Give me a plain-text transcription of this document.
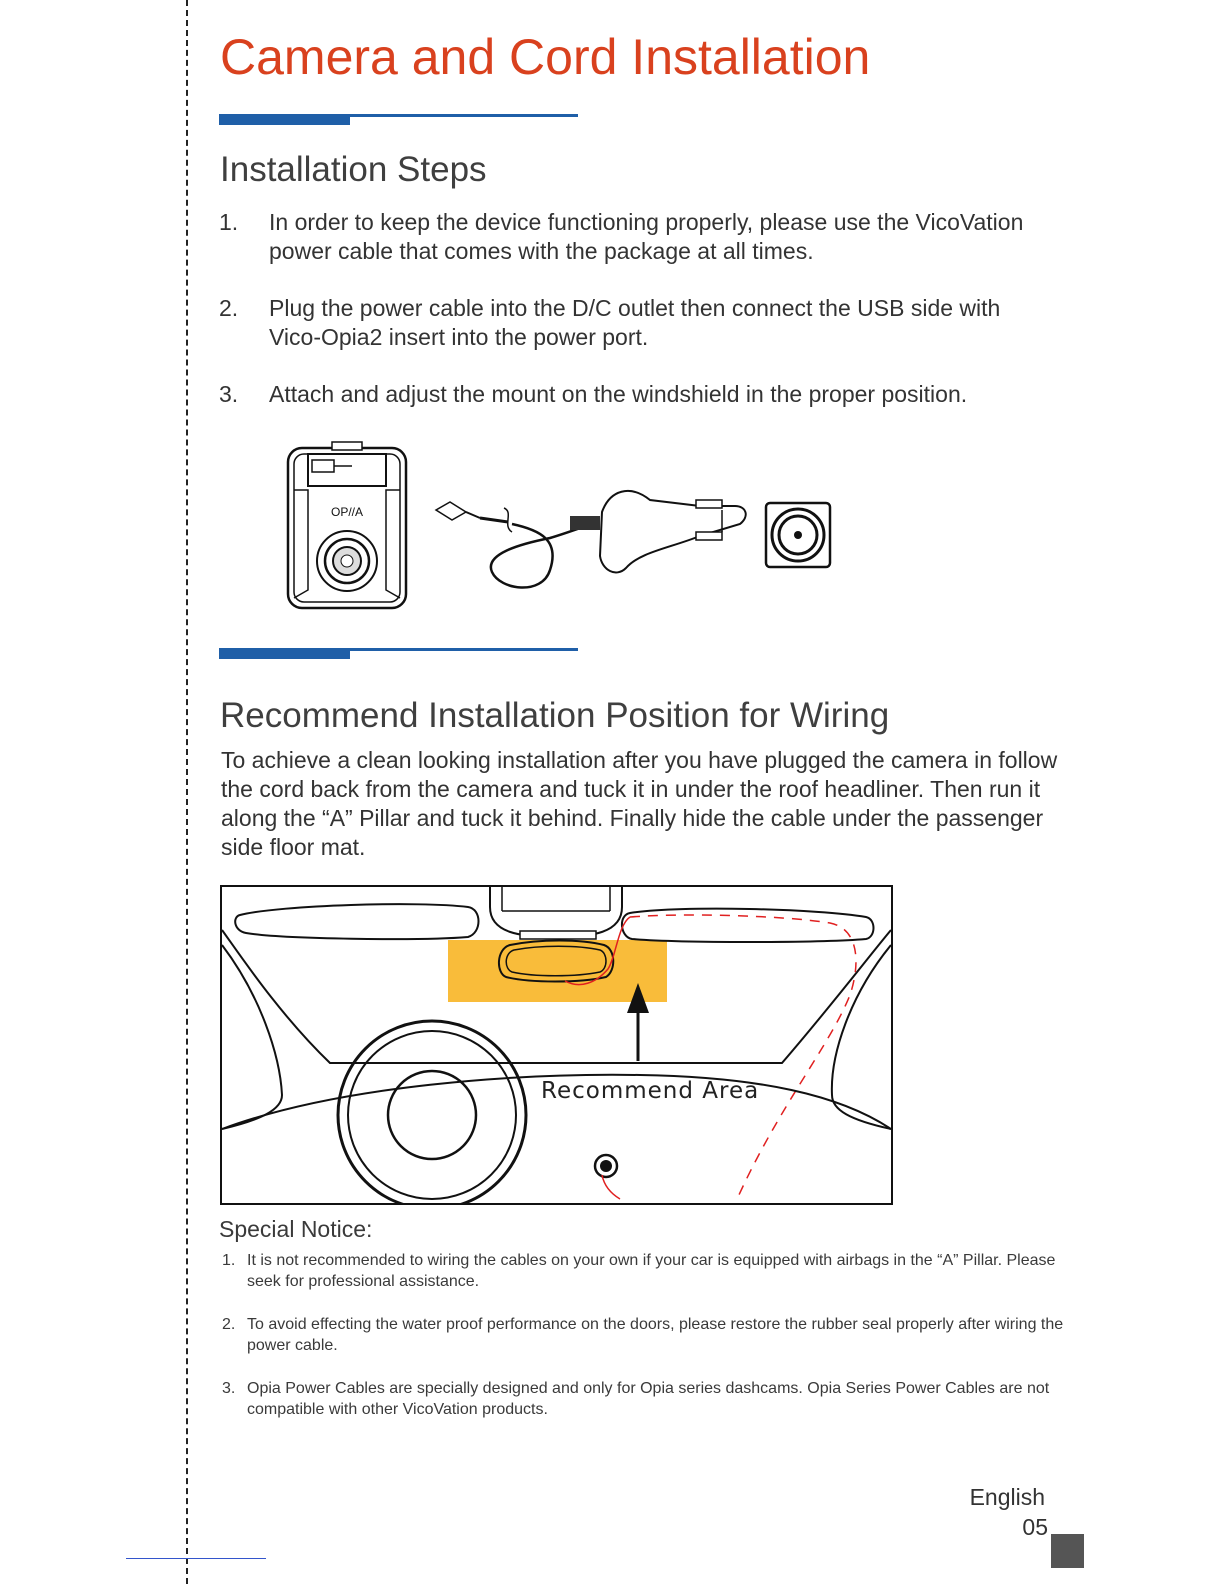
Camera and Cord Installation
Installation Steps
1. In order to keep the device functioning properly, please use the VicoVation power cable that comes with the package at all times.
2. Plug the power cable into the D/C outlet then connect the USB side with Vico-Opia2 insert into the power port.
3. Attach and adjust the mount on the windshield in the proper position.
OP//A
Recommend Installation Position for Wiring

To achieve a clean looking installation after you have plugged the camera in follow the cord back from the camera and tuck it in under the roof headliner. Then run it along the “A” Pillar and tuck it behind. Finally hide the cable under the passenger side floor mat.

Recommend Area
Special Notice:
1. It is not recommended to wiring the cables on your own if your car is equipped with airbags in the “A” Pillar. Please seek for professional assistance.
2. To avoid effecting the water proof performance on the doors, please restore the rubber seal properly after wiring the power cable.
3. Opia Power Cables are specially designed and only for Opia series dashcams. Opia Series Power Cables are not compatible with other VicoVation products.
English
05
